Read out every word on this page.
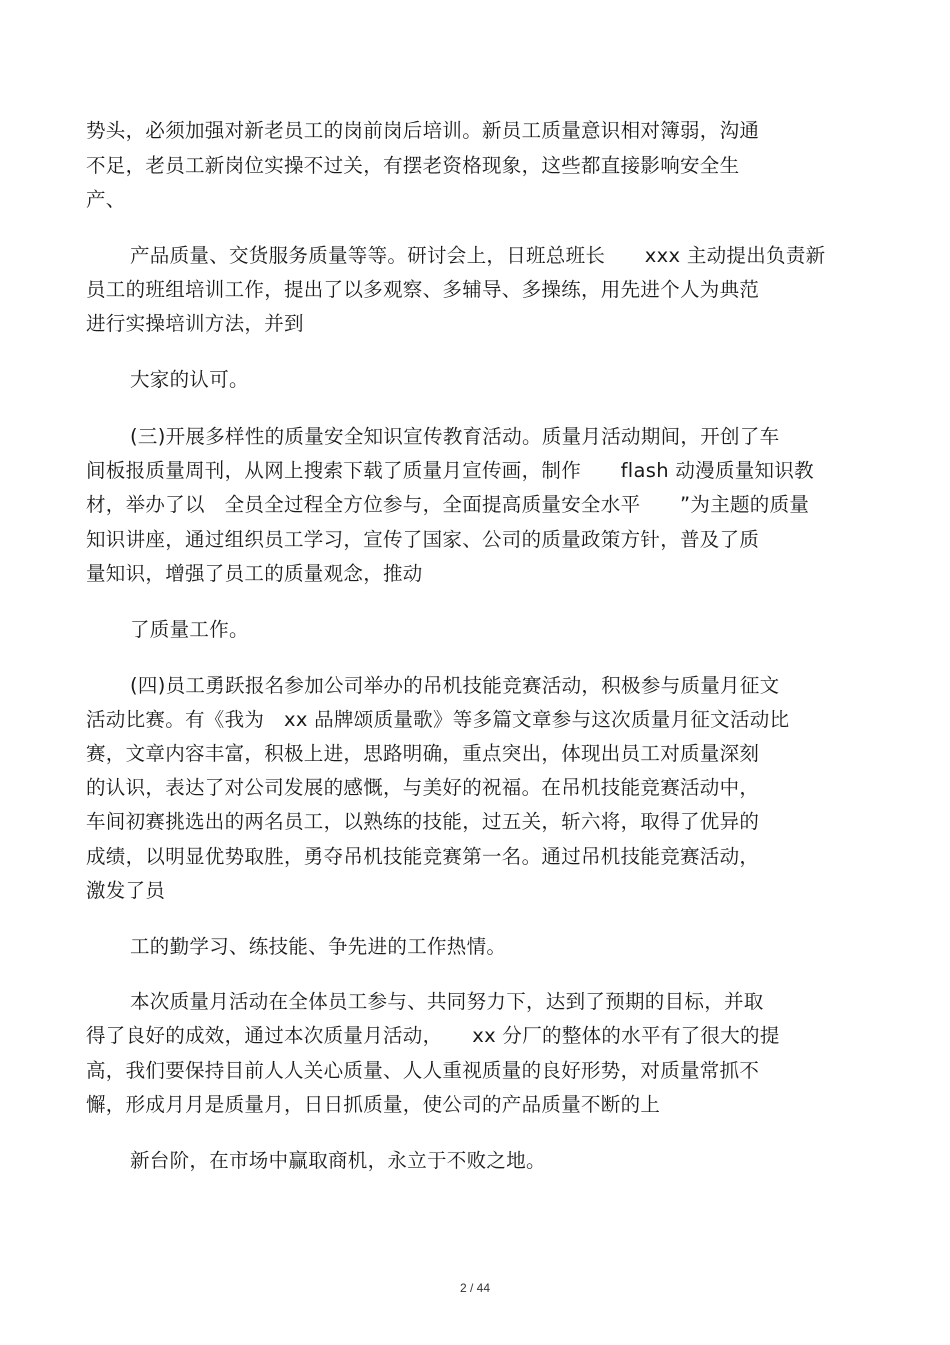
势头，必须加强对新老员工的岗前岗后培训。新员工质量意识相对簿弱，沟通
不足，老员工新岗位实操不过关，有摆老资格现象，这些都直接影响安全生
产、
产品质量、交货服务质量等等。研讨会上，日班总班长　　xxx 主动提出负责新
员工的班组培训工作，提出了以多观察、多辅导、多操练，用先进个人为典范
进行实操培训方法，并到
大家的认可。
(三)开展多样性的质量安全知识宣传教育活动。质量月活动期间，开创了车
间板报质量周刊，从网上搜索下载了质量月宣传画，制作　　flash 动漫质量知识教
材，举办了以　全员全过程全方位参与，全面提高质量安全水平　　”为主题的质量
知识讲座，通过组织员工学习，宣传了国家、公司的质量政策方针，普及了质
量知识，增强了员工的质量观念，推动
了质量工作。
(四)员工勇跃报名参加公司举办的吊机技能竞赛活动，积极参与质量月征文
活动比赛。有《我为　xx 品牌颂质量歌》等多篇文章参与这次质量月征文活动比
赛，文章内容丰富，积极上进，思路明确，重点突出，体现出员工对质量深刻
的认识，表达了对公司发展的感慨，与美好的祝福。在吊机技能竞赛活动中，
车间初赛挑选出的两名员工，以熟练的技能，过五关，斩六将，取得了优异的
成绩，以明显优势取胜，勇夺吊机技能竞赛第一名。通过吊机技能竞赛活动，
激发了员
工的勤学习、练技能、争先进的工作热情。
本次质量月活动在全体员工参与、共同努力下，达到了预期的目标，并取
得了良好的成效，通过本次质量月活动，　　xx 分厂的整体的水平有了很大的提
高，我们要保持目前人人关心质量、人人重视质量的良好形势，对质量常抓不
懈，形成月月是质量月，日日抓质量，使公司的产品质量不断的上
新台阶，在市场中赢取商机，永立于不败之地。
2 / 44
